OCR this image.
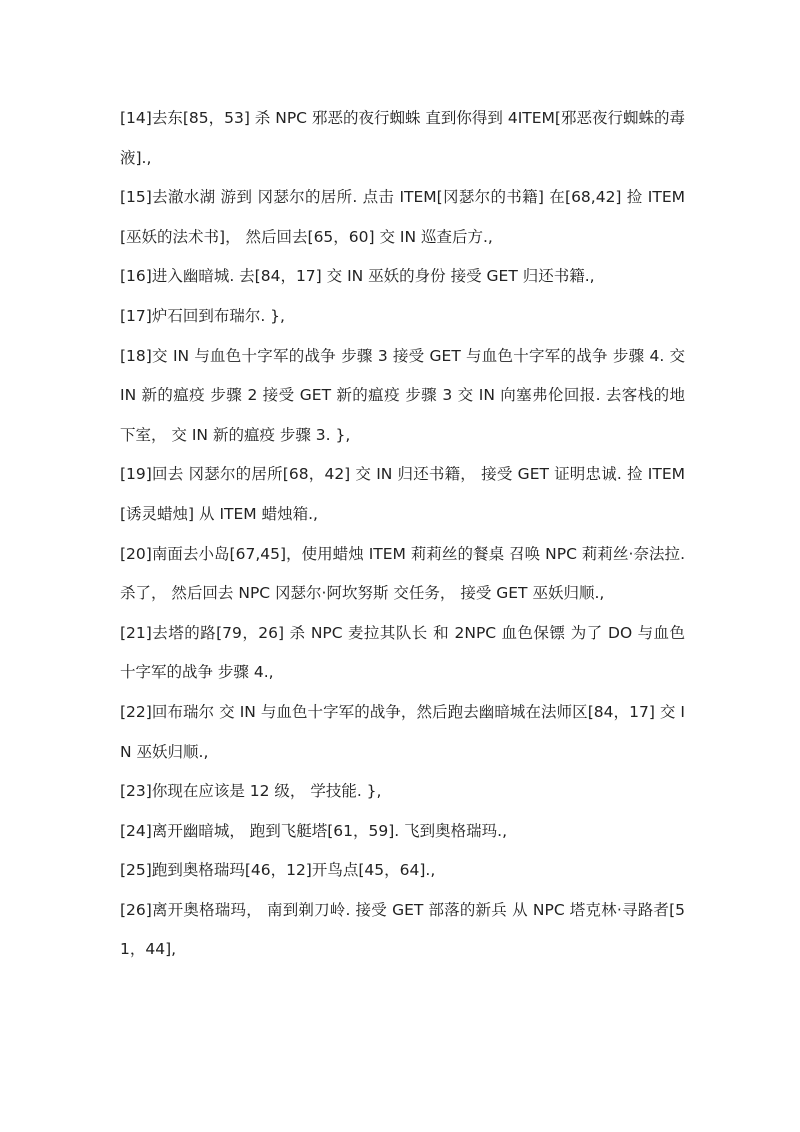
[14]去东[85，53] 杀 NPC 邪恶的夜行蜘蛛 直到你得到 4ITEM[邪恶夜行蜘蛛的毒液].,

[15]去澈水湖 游到 冈瑟尔的居所. 点击 ITEM[冈瑟尔的书籍] 在[68,42] 捡 ITEM[巫妖的法术书]， 然后回去[65，60] 交 IN 巡查后方.,

[16]进入幽暗城. 去[84，17] 交 IN 巫妖的身份 接受 GET 归还书籍.,

[17]炉石回到布瑞尔. },

[18]交 IN 与血色十字军的战争 步骤 3 接受 GET 与血色十字军的战争 步骤 4. 交 IN 新的瘟疫 步骤 2 接受 GET 新的瘟疫 步骤 3 交 IN 向塞弗伦回报. 去客栈的地下室， 交 IN 新的瘟疫 步骤 3. },

[19]回去 冈瑟尔的居所[68，42] 交 IN 归还书籍， 接受 GET 证明忠诚. 捡 ITEM[诱灵蜡烛] 从 ITEM 蜡烛箱.,

[20]南面去小岛[67,45]，使用蜡烛 ITEM 莉莉丝的餐桌 召唤 NPC 莉莉丝·奈法拉. 杀了， 然后回去 NPC 冈瑟尔·阿坎努斯 交任务， 接受 GET 巫妖归顺.,

[21]去塔的路[79，26] 杀 NPC 麦拉其队长 和 2NPC 血色保镖 为了 DO 与血色十字军的战争 步骤 4.,

[22]回布瑞尔 交 IN 与血色十字军的战争，然后跑去幽暗城在法师区[84，17] 交 IN 巫妖归顺.,

[23]你现在应该是 12 级， 学技能. },

[24]离开幽暗城， 跑到飞艇塔[61，59]. 飞到奥格瑞玛.,

[25]跑到奥格瑞玛[46，12]开鸟点[45，64].,

[26]离开奥格瑞玛， 南到剃刀岭. 接受 GET 部落的新兵 从 NPC 塔克林·寻路者[51，44],
